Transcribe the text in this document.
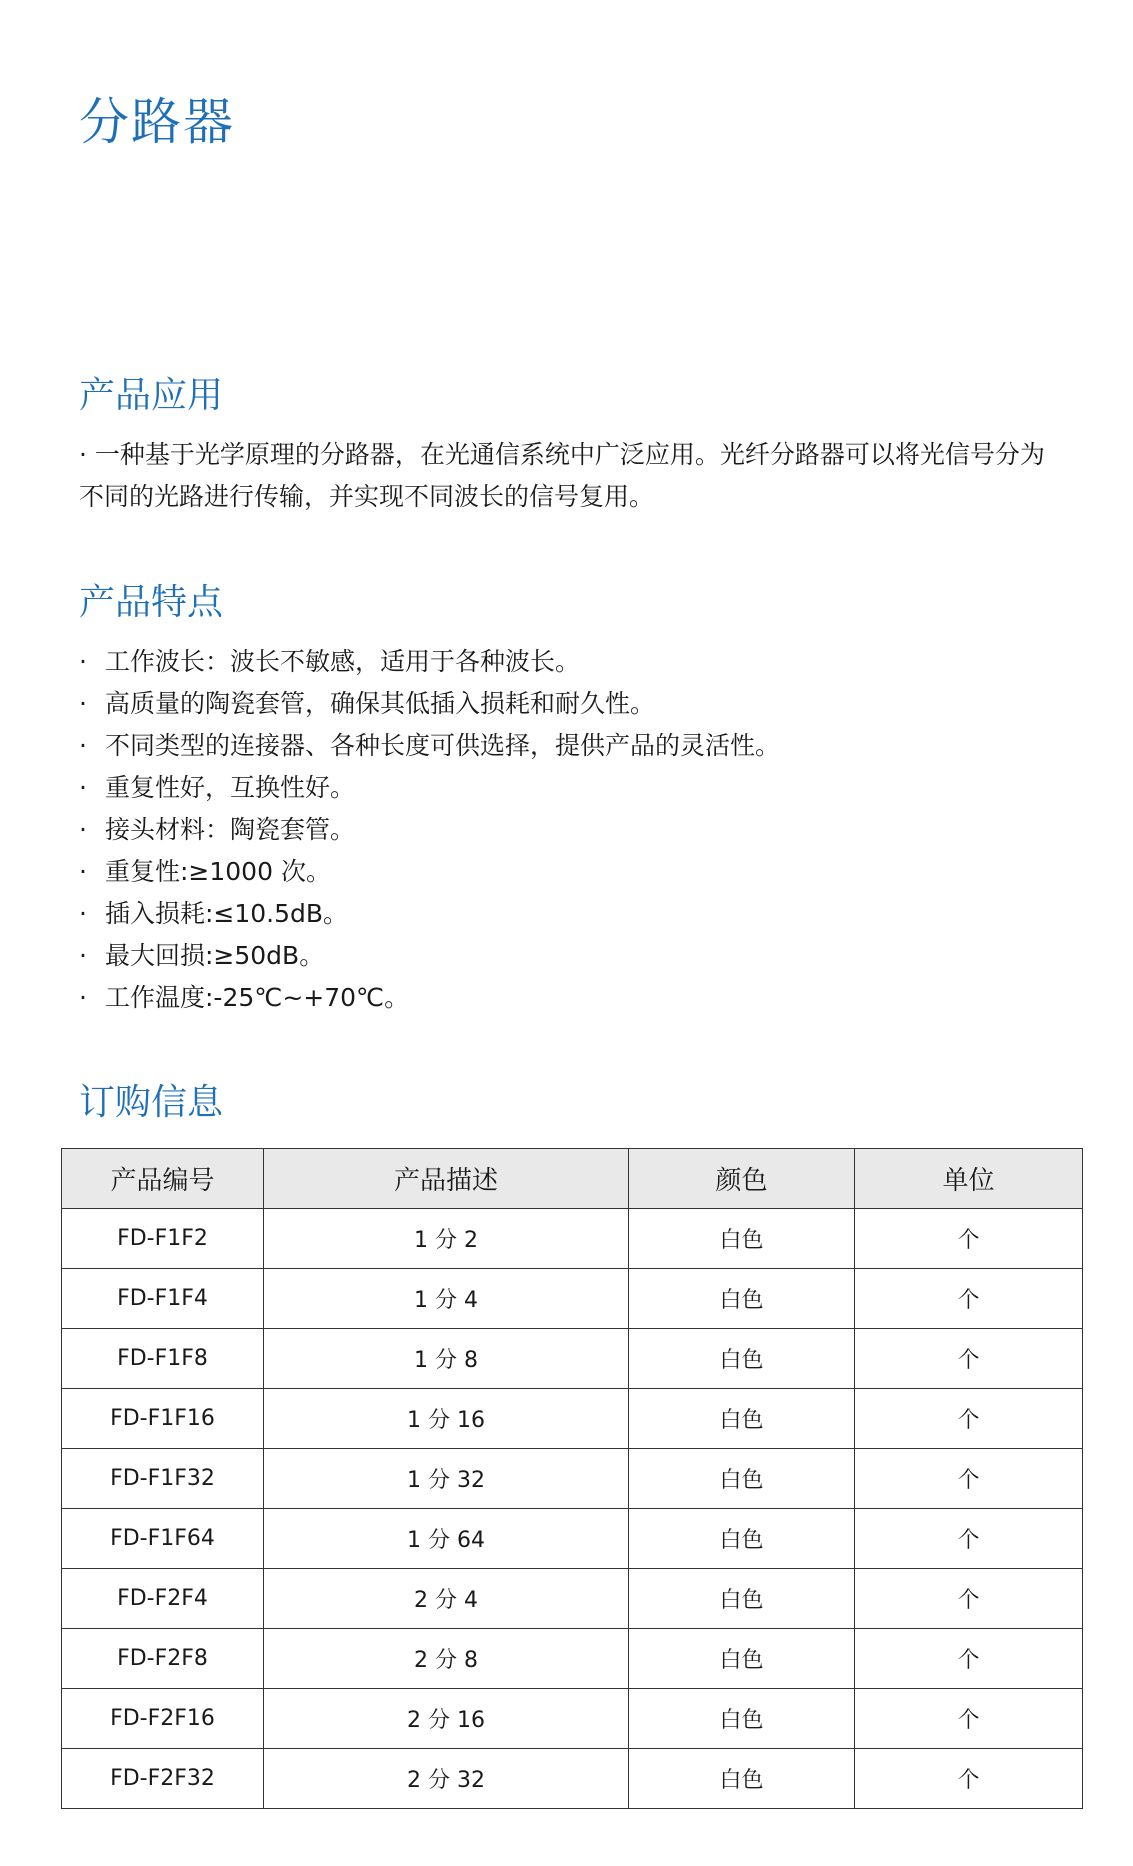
分路器
产品应用

· 一种基于光学原理的分路器，在光通信系统中广泛应用。光纤分路器可以将光信号分为不同的光路进行传输，并实现不同波长的信号复用。

产品特点
· 工作波长：波长不敏感，适用于各种波长。
· 高质量的陶瓷套管，确保其低插入损耗和耐久性。
· 不同类型的连接器、各种长度可供选择，提供产品的灵活性。
· 重复性好，互换性好。
· 接头材料：陶瓷套管。
· 重复性:≥1000 次。
· 插入损耗:≤10.5dB。
· 最大回损:≥50dB。
· 工作温度:-25℃~+70℃。
订购信息
产品编号	产品描述	颜色	单位
FD-F1F2	1 分 2	白色	个
FD-F1F4	1 分 4	白色	个
FD-F1F8	1 分 8	白色	个
FD-F1F16	1 分 16	白色	个
FD-F1F32	1 分 32	白色	个
FD-F1F64	1 分 64	白色	个
FD-F2F4	2 分 4	白色	个
FD-F2F8	2 分 8	白色	个
FD-F2F16	2 分 16	白色	个
FD-F2F32	2 分 32	白色	个
